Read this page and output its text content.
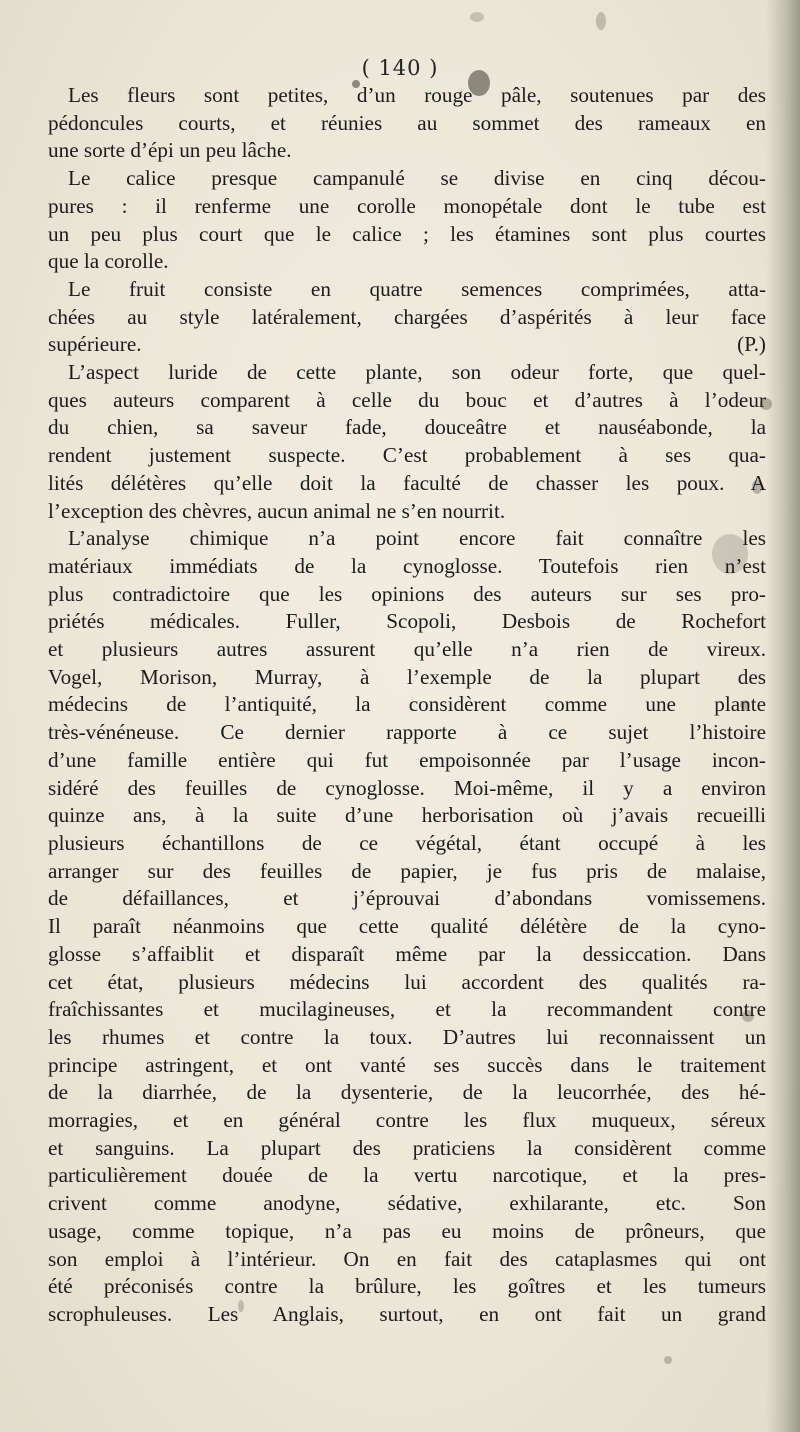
( 140 )
Les fleurs sont petites, d’un rouge pâle, soutenues par des
pédoncules courts, et réunies au sommet des rameaux en
une sorte d’épi un peu lâche.
Le calice presque campanulé se divise en cinq décou-
pures : il renferme une corolle monopétale dont le tube est
un peu plus court que le calice ; les étamines sont plus courtes
que la corolle.
Le fruit consiste en quatre semences comprimées, atta-
chées au style latéralement, chargées d’aspérités à leur face
supérieure. (P.)
L’aspect luride de cette plante, son odeur forte, que quel-
ques auteurs comparent à celle du bouc et d’autres à l’odeur
du chien, sa saveur fade, douceâtre et nauséabonde, la
rendent justement suspecte. C’est probablement à ses qua-
lités délétères qu’elle doit la faculté de chasser les poux. A
l’exception des chèvres, aucun animal ne s’en nourrit.
L’analyse chimique n’a point encore fait connaître les
matériaux immédiats de la cynoglosse. Toutefois rien n’est
plus contradictoire que les opinions des auteurs sur ses pro-
priétés médicales. Fuller, Scopoli, Desbois de Rochefort
et plusieurs autres assurent qu’elle n’a rien de vireux.
Vogel, Morison, Murray, à l’exemple de la plupart des
médecins de l’antiquité, la considèrent comme une plante
très-vénéneuse. Ce dernier rapporte à ce sujet l’histoire
d’une famille entière qui fut empoisonnée par l’usage incon-
sidéré des feuilles de cynoglosse. Moi-même, il y a environ
quinze ans, à la suite d’une herborisation où j’avais recueilli
plusieurs échantillons de ce végétal, étant occupé à les
arranger sur des feuilles de papier, je fus pris de malaise,
de défaillances, et j’éprouvai d’abondans vomissemens.
Il paraît néanmoins que cette qualité délétère de la cyno-
glosse s’affaiblit et disparaît même par la dessiccation. Dans
cet état, plusieurs médecins lui accordent des qualités ra-
fraîchissantes et mucilagineuses, et la recommandent contre
les rhumes et contre la toux. D’autres lui reconnaissent un
principe astringent, et ont vanté ses succès dans le traitement
de la diarrhée, de la dysenterie, de la leucorrhée, des hé-
morragies, et en général contre les flux muqueux, séreux
et sanguins. La plupart des praticiens la considèrent comme
particulièrement douée de la vertu narcotique, et la pres-
crivent comme anodyne, sédative, exhilarante, etc. Son
usage, comme topique, n’a pas eu moins de prôneurs, que
son emploi à l’intérieur. On en fait des cataplasmes qui ont
été préconisés contre la brûlure, les goîtres et les tumeurs
scrophuleuses. Les Anglais, surtout, en ont fait un grand
